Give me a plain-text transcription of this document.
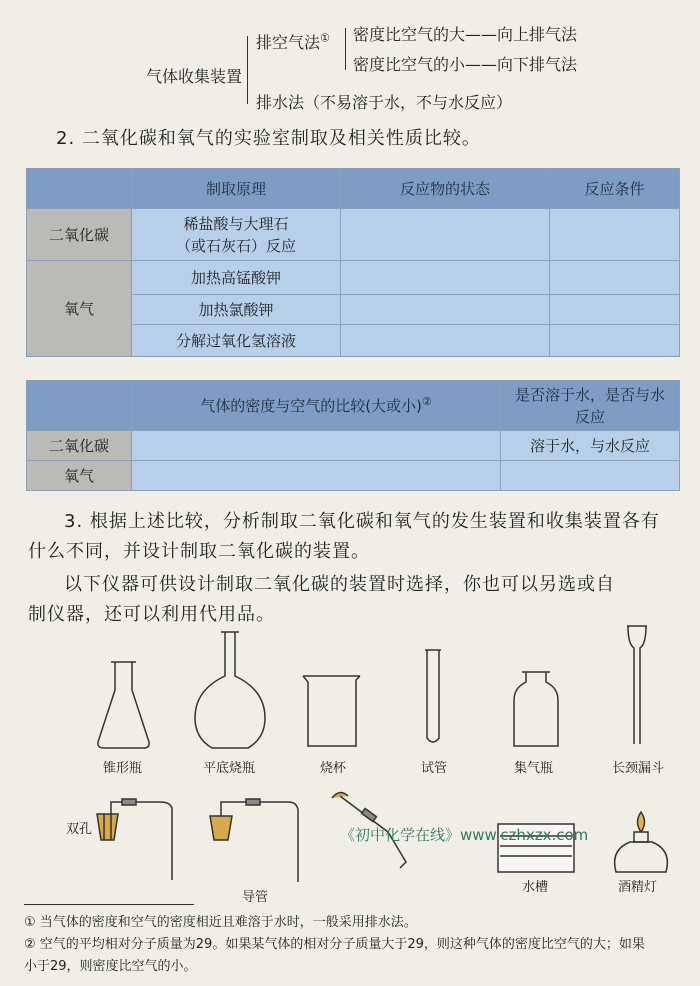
气体收集装置
排空气法① 密度比空气的大——向上排气法
密度比空气的小——向下排气法
排水法（不易溶于水，不与水反应）
2. 二氧化碳和氧气的实验室制取及相关性质比较。
	制取原理	反应物的状态	反应条件
二氧化碳	稀盐酸与大理石
（或石灰石）反应		

氧气	加热高锰酸钾		
	加热氯酸钾		
	分解过氧化氢溶液		
	气体的密度与空气的比较(大或小)②	是否溶于水，是否与水
反应

二氧化碳		溶于水，与水反应
氧气		
3. 根据上述比较，分析制取二氧化碳和氧气的发生装置和收集装置各有
什么不同，并设计制取二氧化碳的装置。
以下仪器可供设计制取二氧化碳的装置时选择，你也可以另选或自
制仪器，还可以利用代用品。
锥形瓶	平底烧瓶	烧杯	试管	集气瓶	长颈漏斗
双孔
导管
水槽	酒精灯
《初中化学在线》www.czhxzx.com
① 当气体的密度和空气的密度相近且难溶于水时，一般采用排水法。
② 空气的平均相对分子质量为29。如果某气体的相对分子质量大于29，则这种气体的密度比空气的大；如果
小于29，则密度比空气的小。
